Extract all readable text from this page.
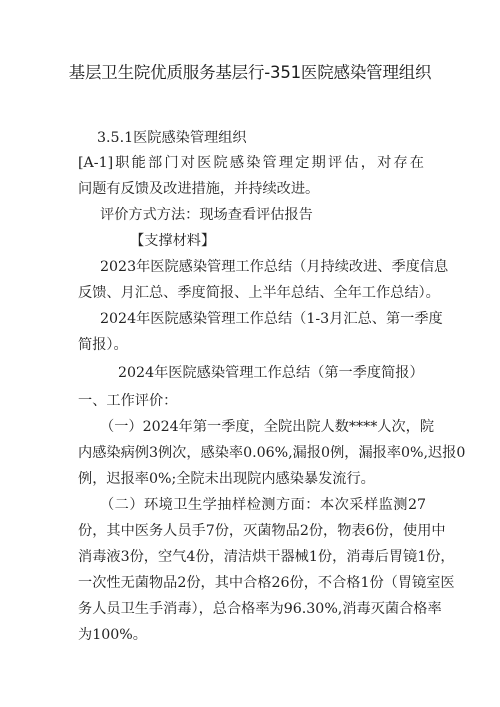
基层卫生院优质服务基层行-351医院感染管理组织
3.5.1医院感染管理组织
[A-1]职能部门对医院感染管理定期评估，对存在
问题有反馈及改进措施，并持续改进。
评价方式方法：现场查看评估报告
【支撑材料】
2023年医院感染管理工作总结（月持续改进、季度信息
反馈、月汇总、季度简报、上半年总结、全年工作总结）。
2024年医院感染管理工作总结（1-3月汇总、第一季度
简报）。
2024年医院感染管理工作总结（第一季度简报）
一、工作评价：
（一）2024年第一季度，全院出院人数****人次，院
内感染病例3例次，感染率0.06%,漏报0例，漏报率0%,迟报0
例，迟报率0%;全院未出现院内感染暴发流行。
（二）环境卫生学抽样检测方面：本次采样监测27
份，其中医务人员手7份，灭菌物品2份，物表6份，使用中
消毒液3份，空气4份，清洁烘干器械1份，消毒后胃镜1份，
一次性无菌物品2份，其中合格26份，不合格1份（胃镜室医
务人员卫生手消毒），总合格率为96.30%,消毒灭菌合格率
为100%。
